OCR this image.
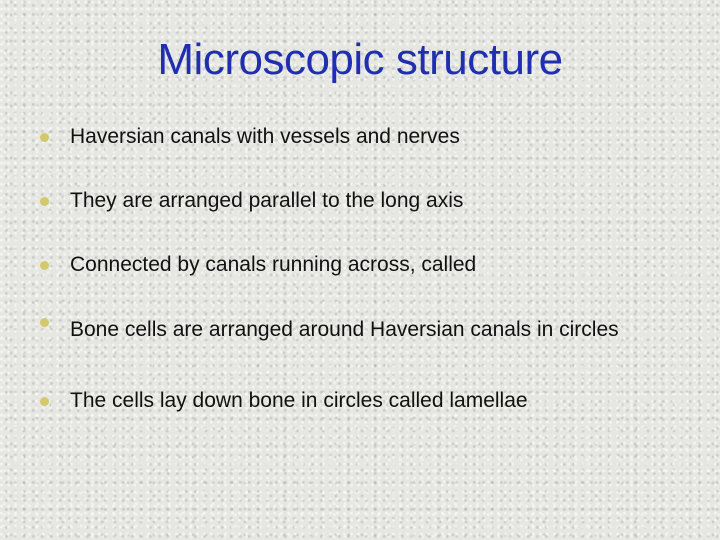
Microscopic structure
Haversian canals with vessels and nerves
They are arranged parallel to the long axis
Connected by canals running across, called
Bone cells are arranged around Haversian canals in circles
The cells lay down bone in circles called lamellae
